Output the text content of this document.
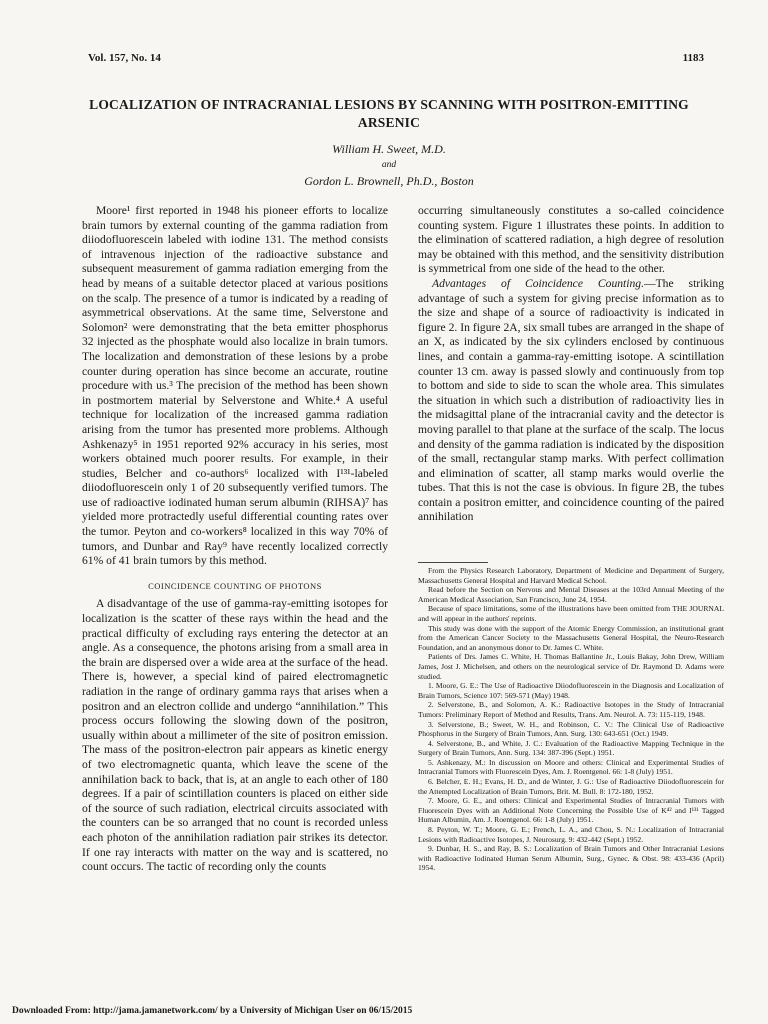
Vol. 157, No. 14	1183
LOCALIZATION OF INTRACRANIAL LESIONS BY SCANNING WITH POSITRON-EMITTING ARSENIC
William H. Sweet, M.D.
and
Gordon L. Brownell, Ph.D., Boston

Moore¹ first reported in 1948 his pioneer efforts to localize brain tumors by external counting of the gamma radiation from diiodofluorescein labeled with iodine 131. The method consists of intravenous injection of the radioactive substance and subsequent measurement of gamma radiation emerging from the head by means of a suitable detector placed at various positions on the scalp. The presence of a tumor is indicated by a reading of asymmetrical observations. At the same time, Selverstone and Solomon² were demonstrating that the beta emitter phosphorus 32 injected as the phosphate would also localize in brain tumors. The localization and demonstration of these lesions by a probe counter during operation has since become an accurate, routine procedure with us.³ The precision of the method has been shown in postmortem material by Selverstone and White.⁴ A useful technique for localization of the increased gamma radiation arising from the tumor has presented more problems. Although Ashkenazy⁵ in 1951 reported 92% accuracy in his series, most workers obtained much poorer results. For example, in their studies, Belcher and co-authors⁶ localized with I¹³¹-labeled diiodofluorescein only 1 of 20 subsequently verified tumors. The use of radioactive iodinated human serum albumin (RIHSA)⁷ has yielded more protractedly useful differential counting rates over the tumor. Peyton and co-workers⁸ localized in this way 70% of tumors, and Dunbar and Ray⁹ have recently localized correctly 61% of 41 brain tumors by this method.

COINCIDENCE COUNTING OF PHOTONS

A disadvantage of the use of gamma-ray-emitting isotopes for localization is the scatter of these rays within the head and the practical difficulty of excluding rays entering the detector at an angle. As a consequence, the photons arising from a small area in the brain are dispersed over a wide area at the surface of the head. There is, however, a special kind of paired electromagnetic radiation in the range of ordinary gamma rays that arises when a positron and an electron collide and undergo “annihilation.” This process occurs following the slowing down of the positron, usually within about a millimeter of the site of positron emission. The mass of the positron-electron pair appears as kinetic energy of two electromagnetic quanta, which leave the scene of the annihilation back to back, that is, at an angle to each other of 180 degrees. If a pair of scintillation counters is placed on either side of the source of such radiation, electrical circuits associated with the counters can be so arranged that no count is recorded unless each photon of the annihilation radiation pair strikes its detector. If one ray interacts with matter on the way and is scattered, no count occurs. The tactic of recording only the counts

occurring simultaneously constitutes a so-called coincidence counting system. Figure 1 illustrates these points. In addition to the elimination of scattered radiation, a high degree of resolution may be obtained with this method, and the sensitivity distribution is symmetrical from one side of the head to the other.

Advantages of Coincidence Counting.—The striking advantage of such a system for giving precise information as to the size and shape of a source of radioactivity is indicated in figure 2. In figure 2A, six small tubes are arranged in the shape of an X, as indicated by the six cylinders enclosed by continuous lines, and contain a gamma-ray-emitting isotope. A scintillation counter 13 cm. away is passed slowly and continuously from top to bottom and side to side to scan the whole area. This simulates the situation in which such a distribution of radioactivity lies in the midsagittal plane of the intracranial cavity and the detector is moving parallel to that plane at the surface of the scalp. The locus and density of the gamma radiation is indicated by the disposition of the small, rectangular stamp marks. With perfect collimation and elimination of scatter, all stamp marks would overlie the tubes. That this is not the case is obvious. In figure 2B, the tubes contain a positron emitter, and coincidence counting of the paired annihilation

From the Physics Research Laboratory, Department of Medicine and Department of Surgery, Massachusetts General Hospital and Harvard Medical School.

Read before the Section on Nervous and Mental Diseases at the 103rd Annual Meeting of the American Medical Association, San Francisco, June 24, 1954.

Because of space limitations, some of the illustrations have been omitted from THE JOURNAL and will appear in the authors' reprints.

This study was done with the support of the Atomic Energy Commission, an institutional grant from the American Cancer Society to the Massachusetts General Hospital, the Neuro-Research Foundation, and an anonymous donor to Dr. James C. White.

Patients of Drs. James C. White, H. Thomas Ballantine Jr., Louis Bakay, John Drew, William James, Jost J. Michelsen, and others on the neurological service of Dr. Raymond D. Adams were studied.

1. Moore, G. E.: The Use of Radioactive Diiodofluorescein in the Diagnosis and Localization of Brain Tumors, Science 107: 569-571 (May) 1948.

2. Selverstone, B., and Solomon, A. K.: Radioactive Isotopes in the Study of Intracranial Tumors: Preliminary Report of Method and Results, Trans. Am. Neurol. A. 73: 115-119, 1948.

3. Selverstone, B.; Sweet, W. H., and Robinson, C. V.: The Clinical Use of Radioactive Phosphorus in the Surgery of Brain Tumors, Ann. Surg. 130: 643-651 (Oct.) 1949.

4. Selverstone, B., and White, J. C.: Evaluation of the Radioactive Mapping Technique in the Surgery of Brain Tumors, Ann. Surg. 134: 387-396 (Sept.) 1951.

5. Ashkenazy, M.: In discussion on Moore and others: Clinical and Experimental Studies of Intracranial Tumors with Fluorescein Dyes, Am. J. Roentgenol. 66: 1-8 (July) 1951.

6. Belcher, E. H.; Evans, H. D., and de Winter, J. G.: Use of Radioactive Diiodofluorescein for the Attempted Localization of Brain Tumors, Brit. M. Bull. 8: 172-180, 1952.

7. Moore, G. E., and others: Clinical and Experimental Studies of Intracranial Tumors with Fluorescein Dyes with an Additional Note Concerning the Possible Use of K⁴² and I¹³¹ Tagged Human Albumin, Am. J. Roentgenol. 66: 1-8 (July) 1951.

8. Peyton, W. T.; Moore, G. E.; French, L. A., and Chou, S. N.: Localization of Intracranial Lesions with Radioactive Isotopes, J. Neurosurg. 9: 432-442 (Sept.) 1952.

9. Dunbar, H. S., and Ray, B. S.: Localization of Brain Tumors and Other Intracranial Lesions with Radioactive Iodinated Human Serum Albumin, Surg., Gynec. & Obst. 98: 433-436 (April) 1954.

Downloaded From: http://jama.jamanetwork.com/ by a University of Michigan User on 06/15/2015
